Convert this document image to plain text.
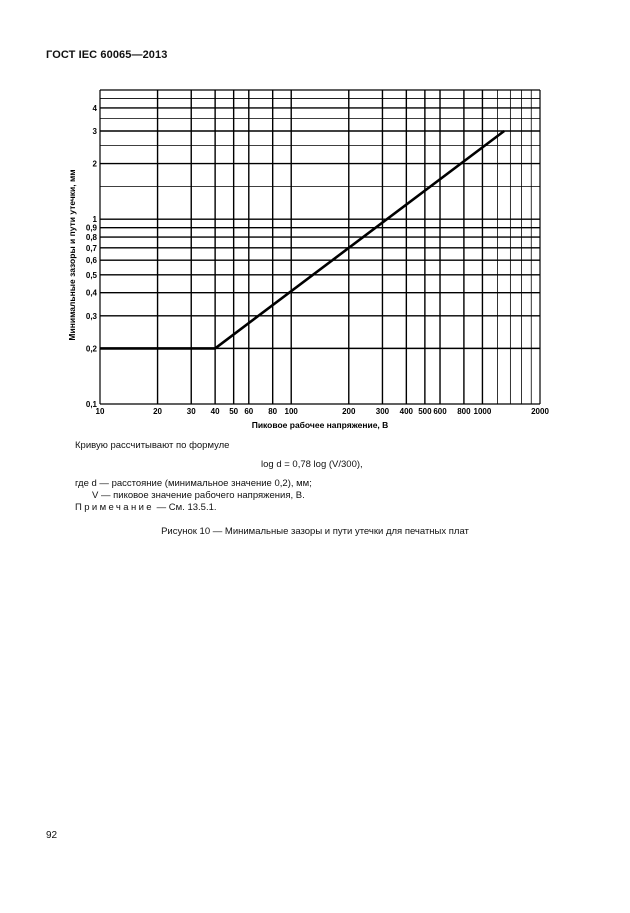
ГОСТ IEC 60065—2013
10	20	30 40 50 60 80 100	200	300 400 500 600 800 1000	2000
0,1
0,2
0,3
0,4
0,5
0,6
0,7
0,8
0,9
1
2
3
4
Пиковое рабочее напряжение, В
Минимальные зазоры и пути утечки, мм
Кривую рассчитывают по формуле
log d = 0,78 log (V/300),
где d — расстояние (минимальное значение 0,2), мм;
V — пиковое значение рабочего напряжения, В.
Примечание — См. 13.5.1.
Рисунок 10 — Минимальные зазоры и пути утечки для печатных плат
92
